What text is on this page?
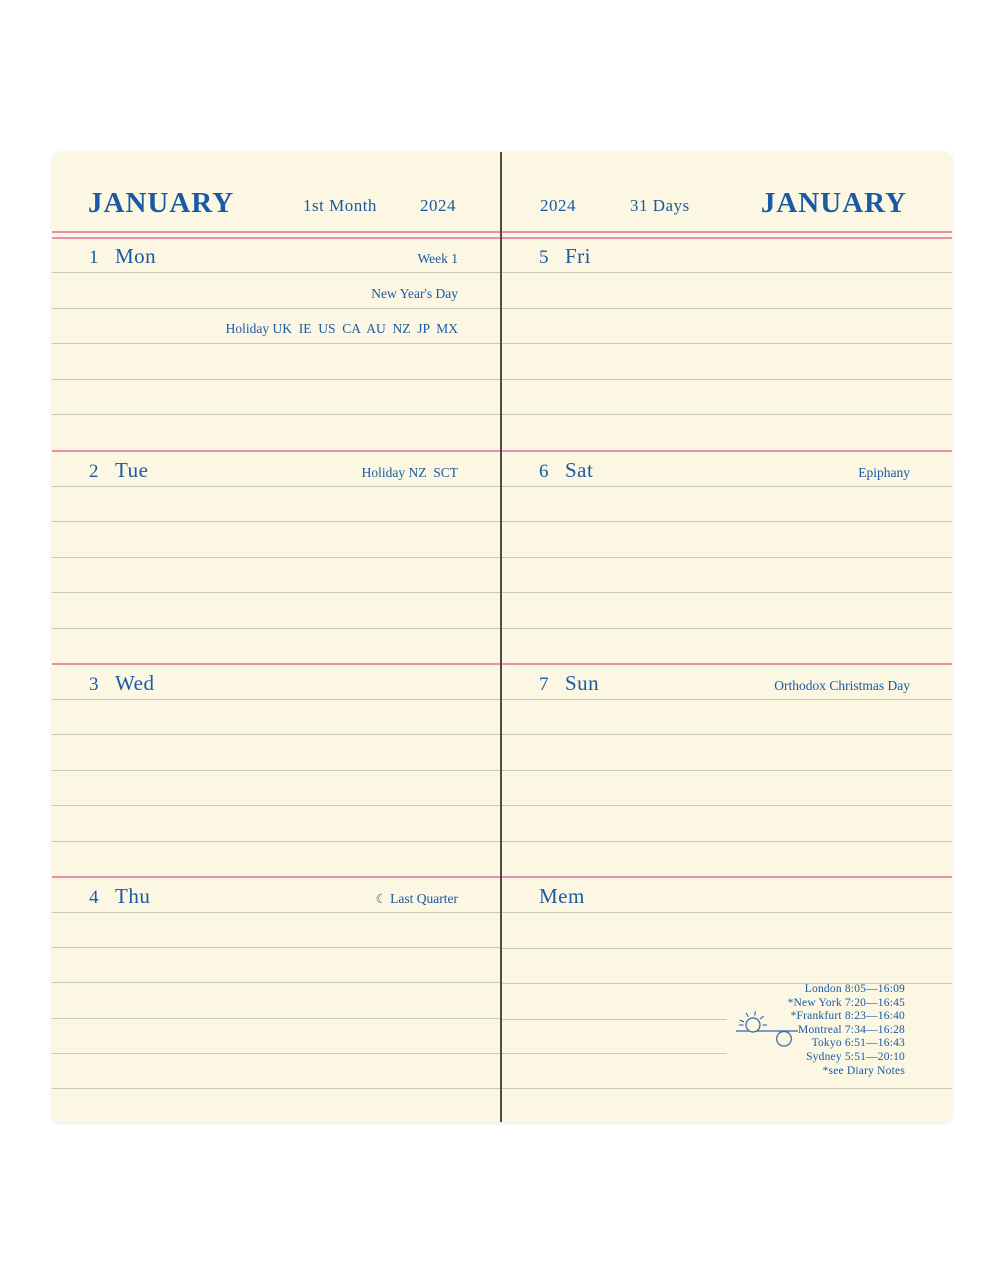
JANUARY	1st Month	2024	2024	31 Days JANUARY
1 Mon	Week 1
New Year's Day
Holiday UK  IE  US  CA  AU  NZ  JP  MX
2 Tue	Holiday NZ  SCT
3 Wed
4 Thu	☾ Last Quarter
5 Fri
6 Sat	Epiphany
7 Sun	Orthodox Christmas Day
Mem
London 8:05—16:09
*New York 7:20—16:45
*Frankfurt 8:23—16:40
Montreal 7:34—16:28
Tokyo 6:51—16:43
Sydney 5:51—20:10
*see Diary Notes
